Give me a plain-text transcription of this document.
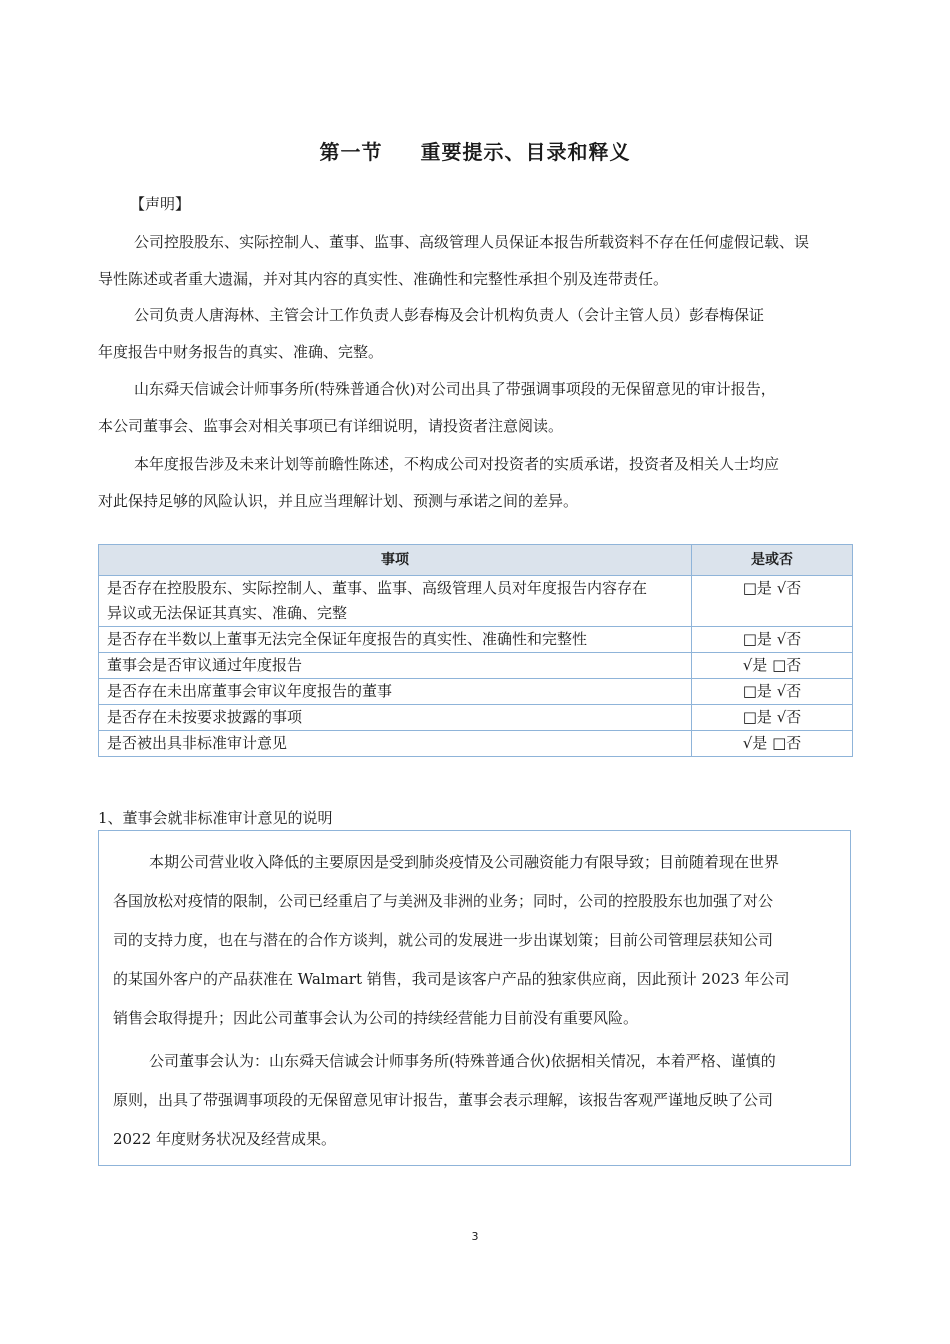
第一节 重要提示、目录和释义

【声明】

公司控股股东、实际控制人、董事、监事、高级管理人员保证本报告所载资料不存在任何虚假记载、误
导性陈述或者重大遗漏，并对其内容的真实性、准确性和完整性承担个别及连带责任。

公司负责人唐海林、主管会计工作负责人彭春梅及会计机构负责人（会计主管人员）彭春梅保证
年度报告中财务报告的真实、准确、完整。

山东舜天信诚会计师事务所(特殊普通合伙)对公司出具了带强调事项段的无保留意见的审计报告，
本公司董事会、监事会对相关事项已有详细说明，请投资者注意阅读。

本年度报告涉及未来计划等前瞻性陈述，不构成公司对投资者的实质承诺，投资者及相关人士均应
对此保持足够的风险认识，并且应当理解计划、预测与承诺之间的差异。

事项	是或否

是否存在控股股东、实际控制人、董事、监事、高级管理人员对年度报告内容存在
异议或无法保证其真实、准确、完整	□是 √否

是否存在半数以上董事无法完全保证年度报告的真实性、准确性和完整性	□是 √否

董事会是否审议通过年度报告	√是 □否

是否存在未出席董事会审议年度报告的董事	□是 √否

是否存在未按要求披露的事项	□是 √否

是否被出具非标准审计意见	√是 □否

1、董事会就非标准审计意见的说明

本期公司营业收入降低的主要原因是受到肺炎疫情及公司融资能力有限导致；目前随着现在世界
各国放松对疫情的限制，公司已经重启了与美洲及非洲的业务；同时，公司的控股股东也加强了对公
司的支持力度，也在与潜在的合作方谈判，就公司的发展进一步出谋划策；目前公司管理层获知公司
的某国外客户的产品获准在 Walmart 销售，我司是该客户产品的独家供应商，因此预计 2023 年公司
销售会取得提升；因此公司董事会认为公司的持续经营能力目前没有重要风险。

公司董事会认为：山东舜天信诚会计师事务所(特殊普通合伙)依据相关情况，本着严格、谨慎的
原则，出具了带强调事项段的无保留意见审计报告，董事会表示理解，该报告客观严谨地反映了公司
2022 年度财务状况及经营成果。

3
